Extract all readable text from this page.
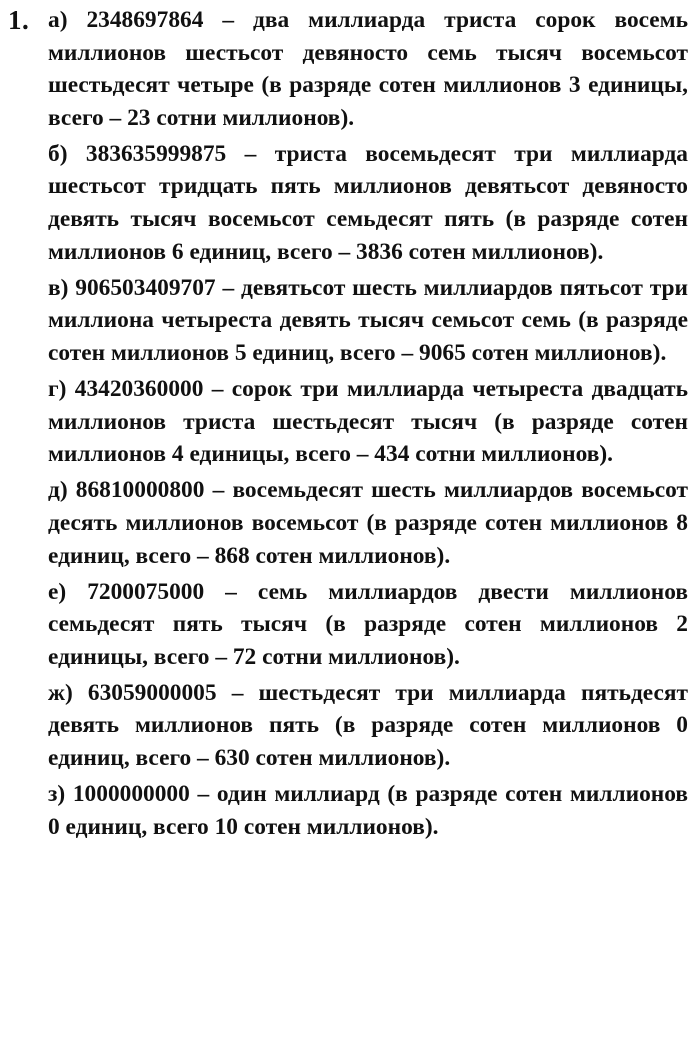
1. а) 2348697864 – два миллиарда триста сорок восемь миллионов шестьсот девяносто семь тысяч восемьсот шестьдесят четыре (в разряде сотен миллионов 3 единицы, всего – 23 сотни миллионов).

б) 383635999875 – триста восемьдесят три миллиарда шестьсот тридцать пять миллионов девятьсот девяносто девять тысяч восемьсот семьдесят пять (в разряде сотен миллионов 6 единиц, всего – 3836 сотен миллионов).

в) 906503409707 – девятьсот шесть миллиардов пятьсот три миллиона четыреста девять тысяч семьсот семь (в разряде сотен миллионов 5 единиц, всего – 9065 сотен миллионов).

г) 43420360000 – сорок три миллиарда четыреста двадцать миллионов триста шестьдесят тысяч (в разряде сотен миллионов 4 единицы, всего – 434 сотни миллионов).

д) 86810000800 – восемьдесят шесть миллиардов восемьсот десять миллионов восемьсот (в разряде сотен миллионов 8 единиц, всего – 868 сотен миллионов).

е) 7200075000 – семь миллиардов двести миллионов семьдесят пять тысяч (в разряде сотен миллионов 2 единицы, всего – 72 сотни миллионов).

ж) 63059000005 – шестьдесят три миллиарда пятьдесят девять миллионов пять (в разряде сотен миллионов 0 единиц, всего – 630 сотен миллионов).

з) 1000000000 – один миллиард (в разряде сотен миллионов 0 единиц, всего 10 сотен миллионов).
